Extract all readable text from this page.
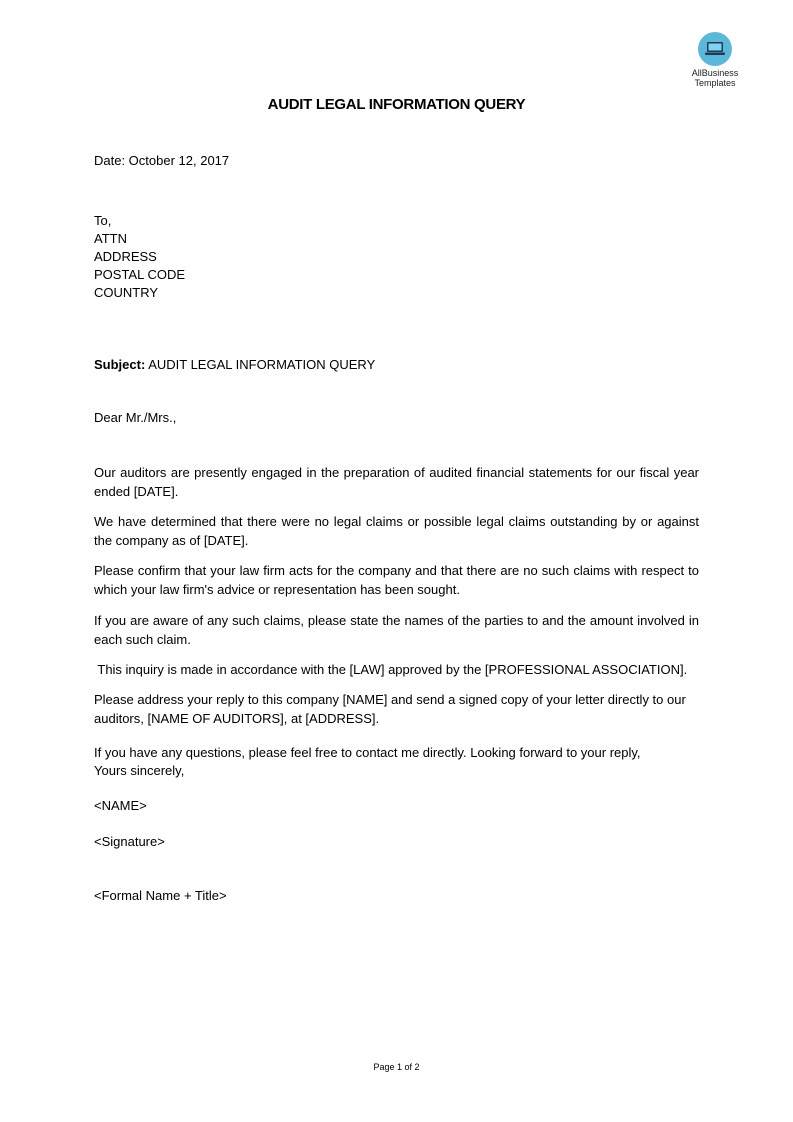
AllBusiness
Templates
AUDIT LEGAL INFORMATION QUERY
Date: October 12, 2017
To,
ATTN
ADDRESS
POSTAL CODE
COUNTRY
Subject: AUDIT LEGAL INFORMATION QUERY
Dear Mr./Mrs.,
Our auditors are presently engaged in the preparation of audited financial statements for our fiscal year ended [DATE].
We have determined that there were no legal claims or possible legal claims outstanding by or against the company as of [DATE].
Please confirm that your law firm acts for the company and that there are no such claims with respect to which your law firm's advice or representation has been sought.
If you are aware of any such claims, please state the names of the parties to and the amount involved in each such claim.
This inquiry is made in accordance with the [LAW] approved by the [PROFESSIONAL ASSOCIATION].
Please address your reply to this company [NAME] and send a signed copy of your letter directly to our auditors, [NAME OF AUDITORS], at [ADDRESS].
If you have any questions, please feel free to contact me directly. Looking forward to your reply,
Yours sincerely,
<NAME>
<Signature>
<Formal Name + Title>
Page 1 of 2
